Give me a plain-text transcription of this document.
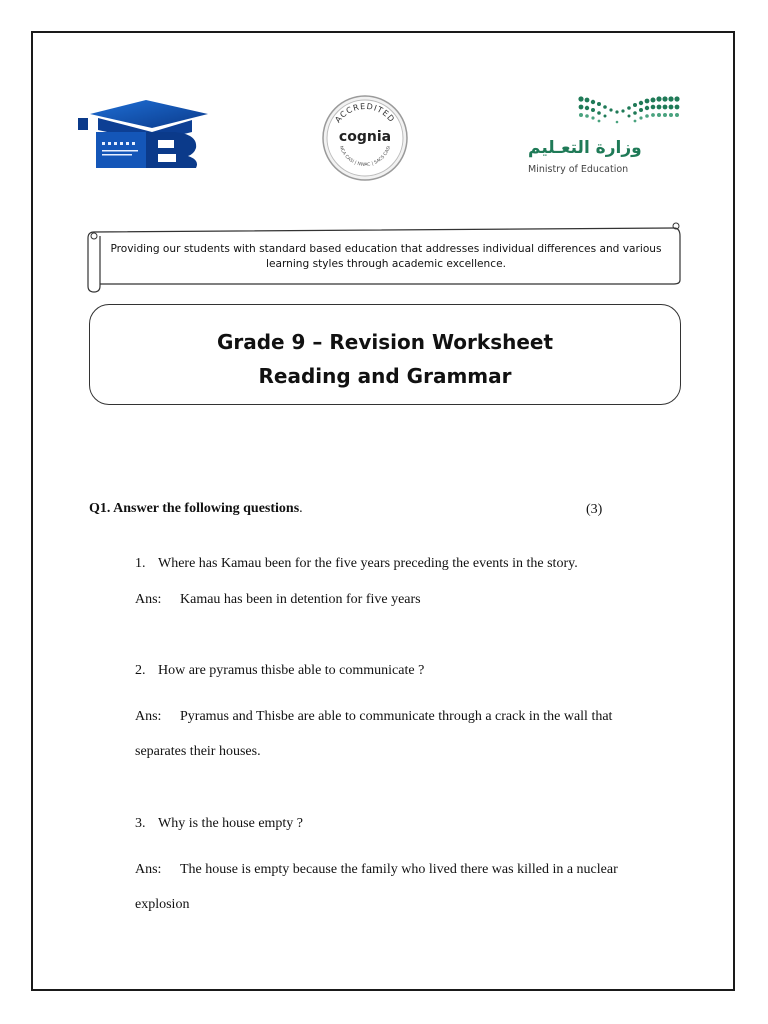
ACCREDITED
cognia
NCA CASI | NWAC | SACS CASI	وزارة التعـليم
Ministry of Education
Providing our students with standard based education that addresses individual differences and various learning styles through academic excellence.
Grade 9 – Revision Worksheet
Reading and Grammar
Q1. Answer the following questions.	(3)
1. Where has Kamau been for the five years preceding the events in the story.
Ans: Kamau has been in detention for five years
2. How are pyramus thisbe able to communicate ?
Ans: Pyramus and Thisbe are able to communicate through a crack in the wall that
separates their houses.
3. Why is the house empty ?
Ans: The house is empty because the family who lived there was killed in a nuclear
explosion
